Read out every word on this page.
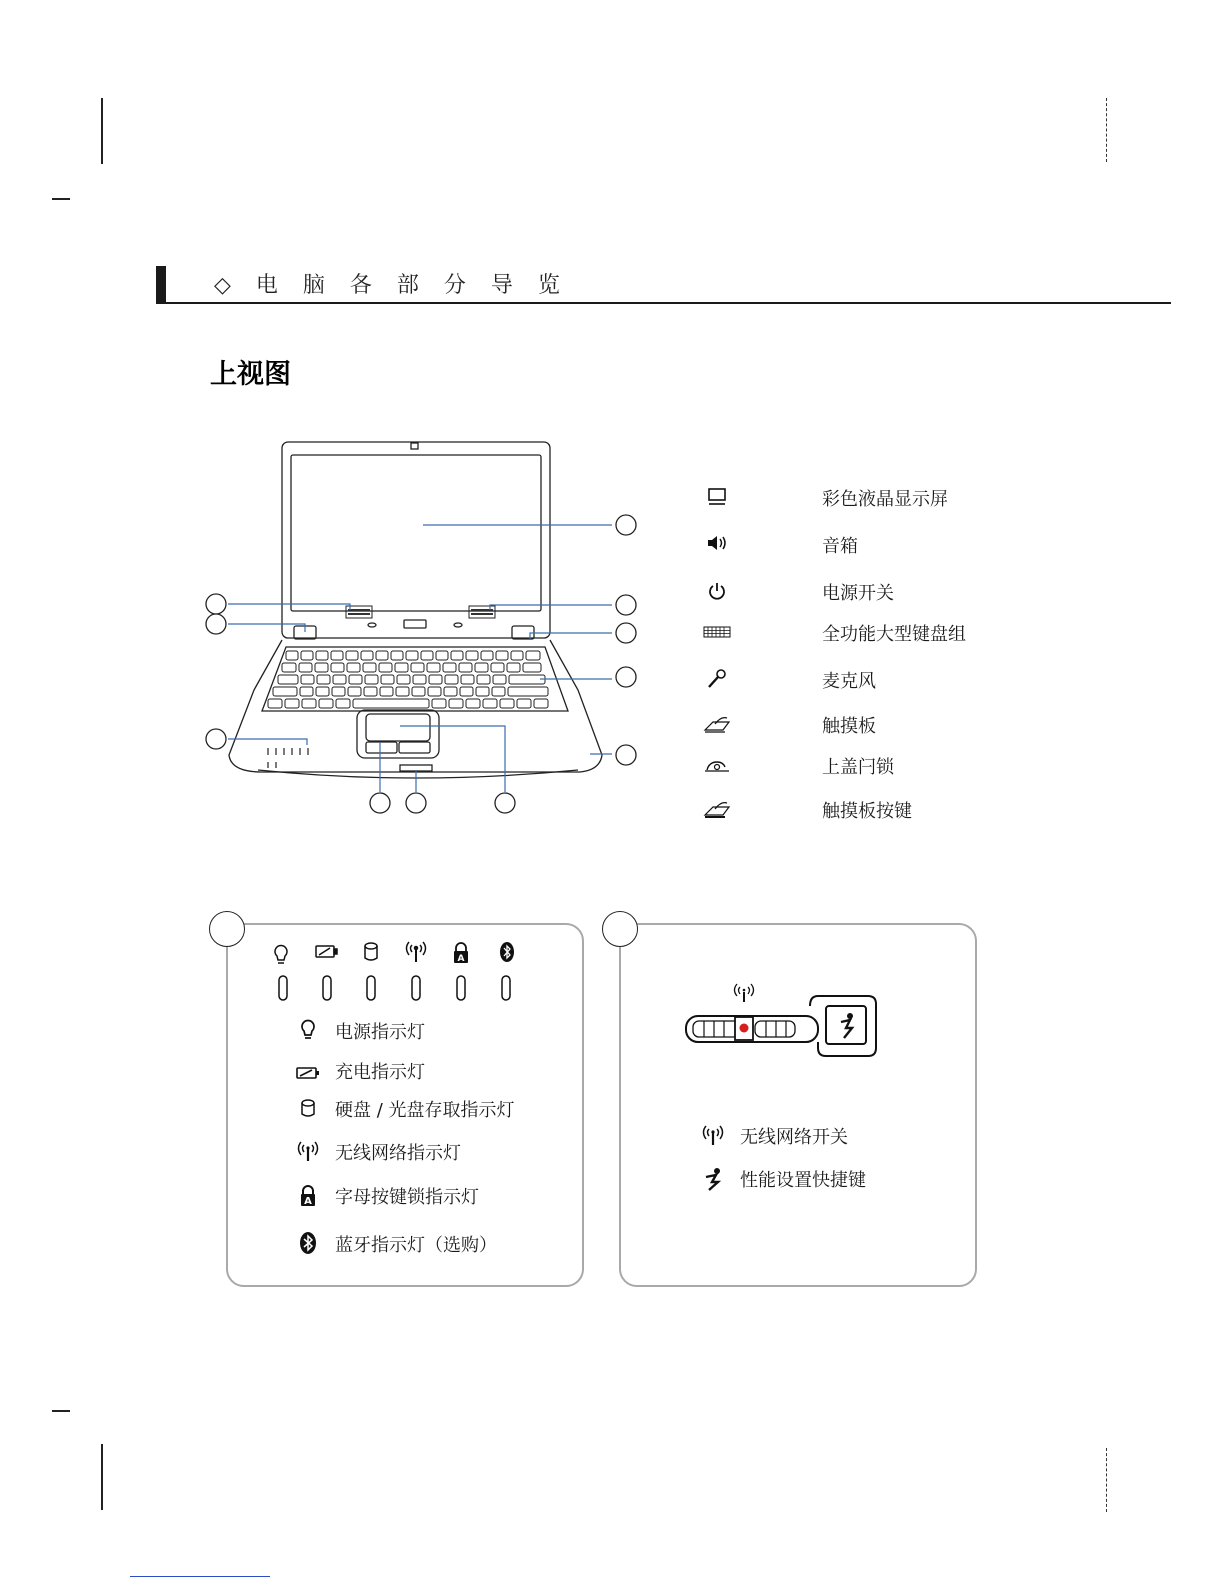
◇ 电 脑 各 部 分 导 览
上视图
彩色液晶显示屏
音箱
电源开关
全功能大型键盘组
麦克风
触摸板
上盖闩锁
触摸板按键
A
电源指示灯
充电指示灯
硬盘 / 光盘存取指示灯
无线网络指示灯
A 字母按键锁指示灯
蓝牙指示灯（选购）
无线网络开关
性能设置快捷键
